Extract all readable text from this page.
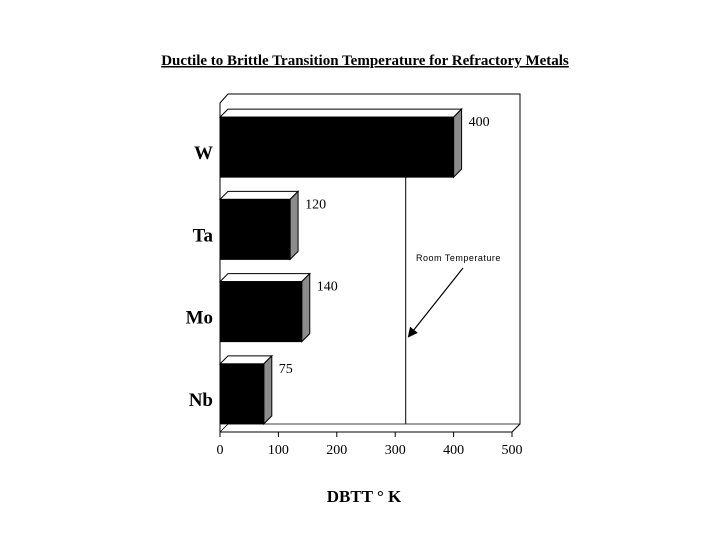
Ductile to Brittle Transition Temperature for Refractory Metals
W
400
Ta
120
Mo
140
Nb
75
Room Temperature
0	100	200	300	400	500
DBTT ° K
